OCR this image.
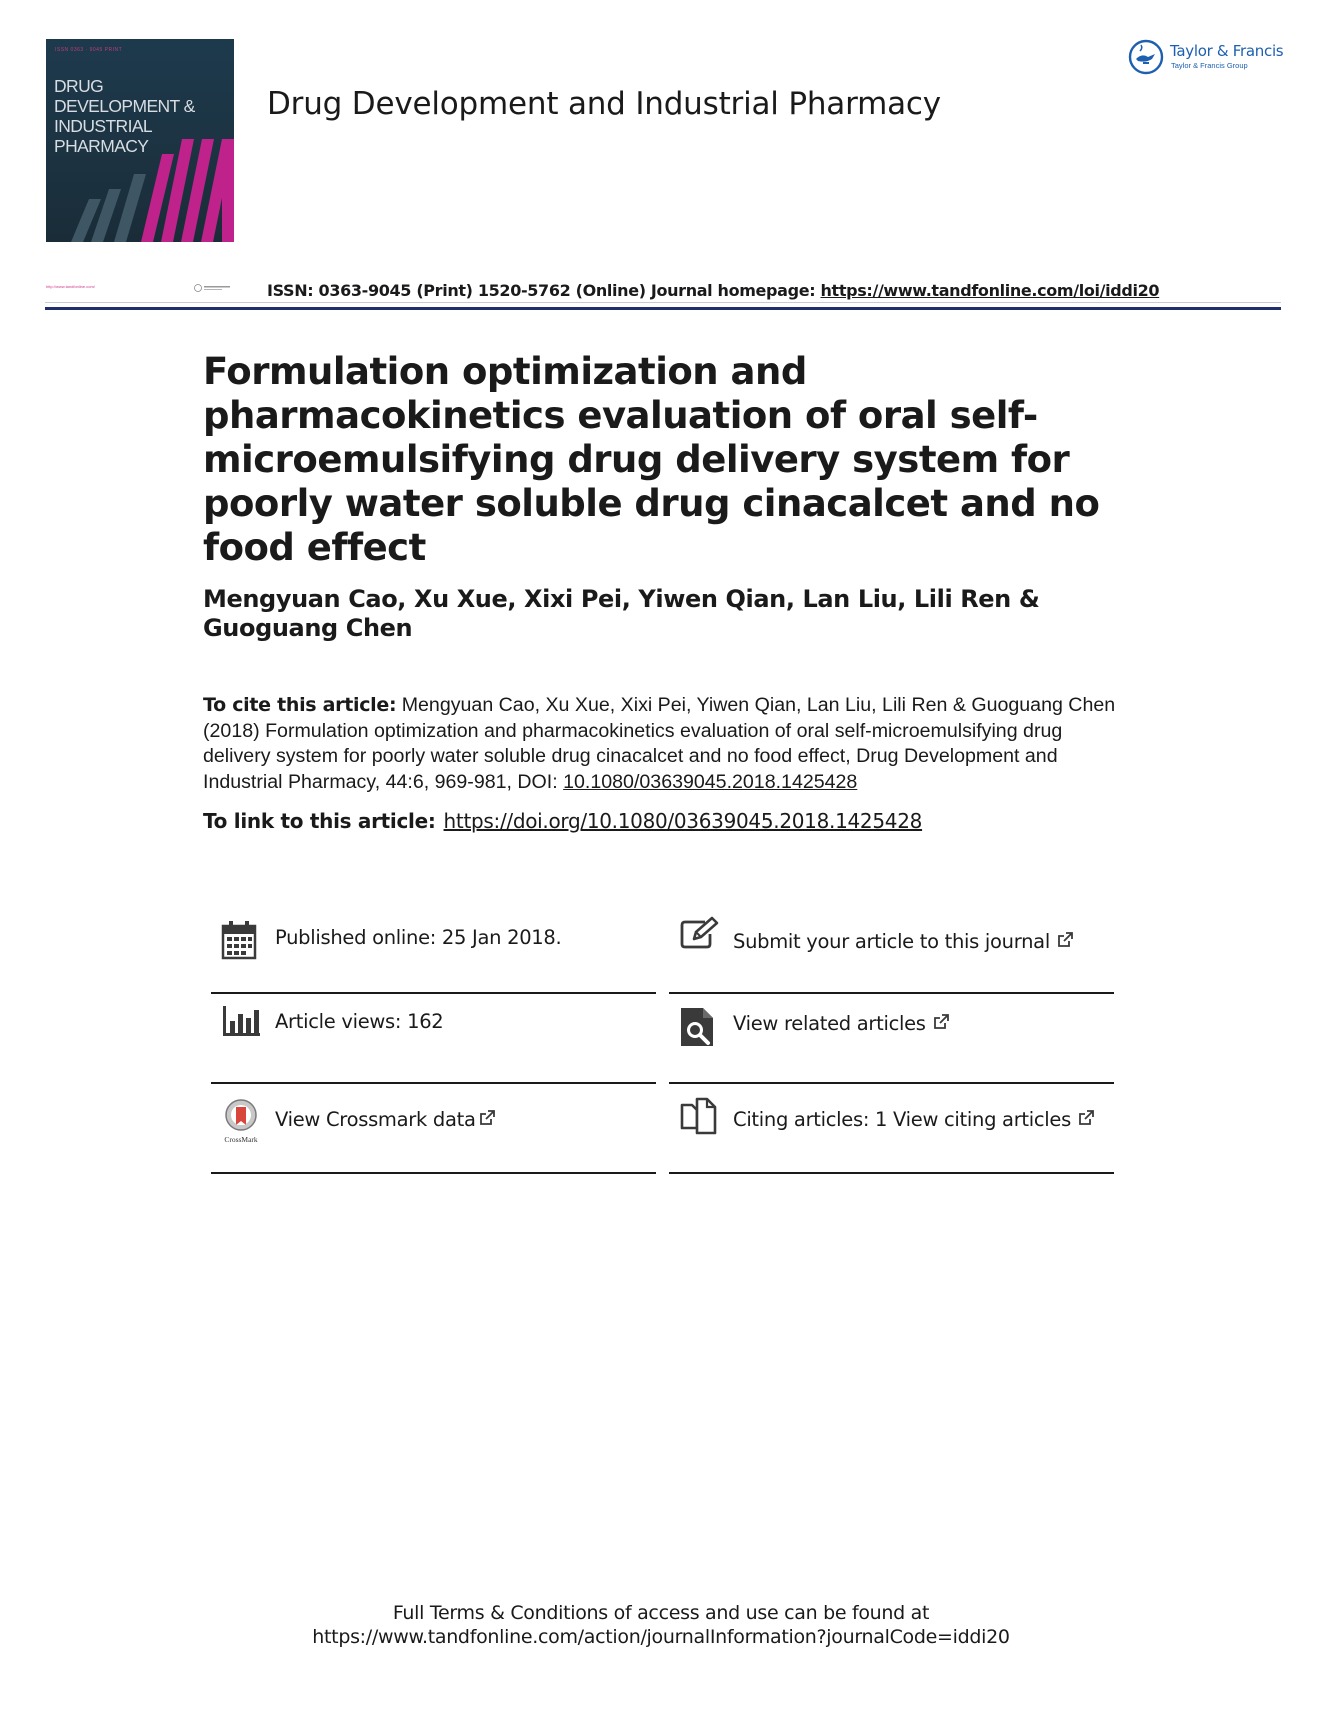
ISSN 0363 · 9045 PRINT
DRUG DEVELOPMENT & INDUSTRIAL PHARMACY
Drug Development and Industrial Pharmacy
Taylor & Francis
Taylor & Francis Group
http://www.tandfonline.com/	ISSN: 0363-9045 (Print) 1520-5762 (Online) Journal homepage: https://www.tandfonline.com/loi/iddi20
Formulation optimization and pharmacokinetics evaluation of oral self-microemulsifying drug delivery system for poorly water soluble drug cinacalcet and no food effect
Mengyuan Cao, Xu Xue, Xixi Pei, Yiwen Qian, Lan Liu, Lili Ren & Guoguang Chen
To cite this article: Mengyuan Cao, Xu Xue, Xixi Pei, Yiwen Qian, Lan Liu, Lili Ren & Guoguang Chen (2018) Formulation optimization and pharmacokinetics evaluation of oral self-microemulsifying drug delivery system for poorly water soluble drug cinacalcet and no food effect, Drug Development and Industrial Pharmacy, 44:6, 969-981, DOI: 10.1080/03639045.2018.1425428
To link to this article: https://doi.org/10.1080/03639045.2018.1425428
Published online: 25 Jan 2018.	Submit your article to this journal
Article views: 162	View related articles
CrossMark
View Crossmark data	Citing articles: 1 View citing articles
Full Terms & Conditions of access and use can be found at
https://www.tandfonline.com/action/journalInformation?journalCode=iddi20
